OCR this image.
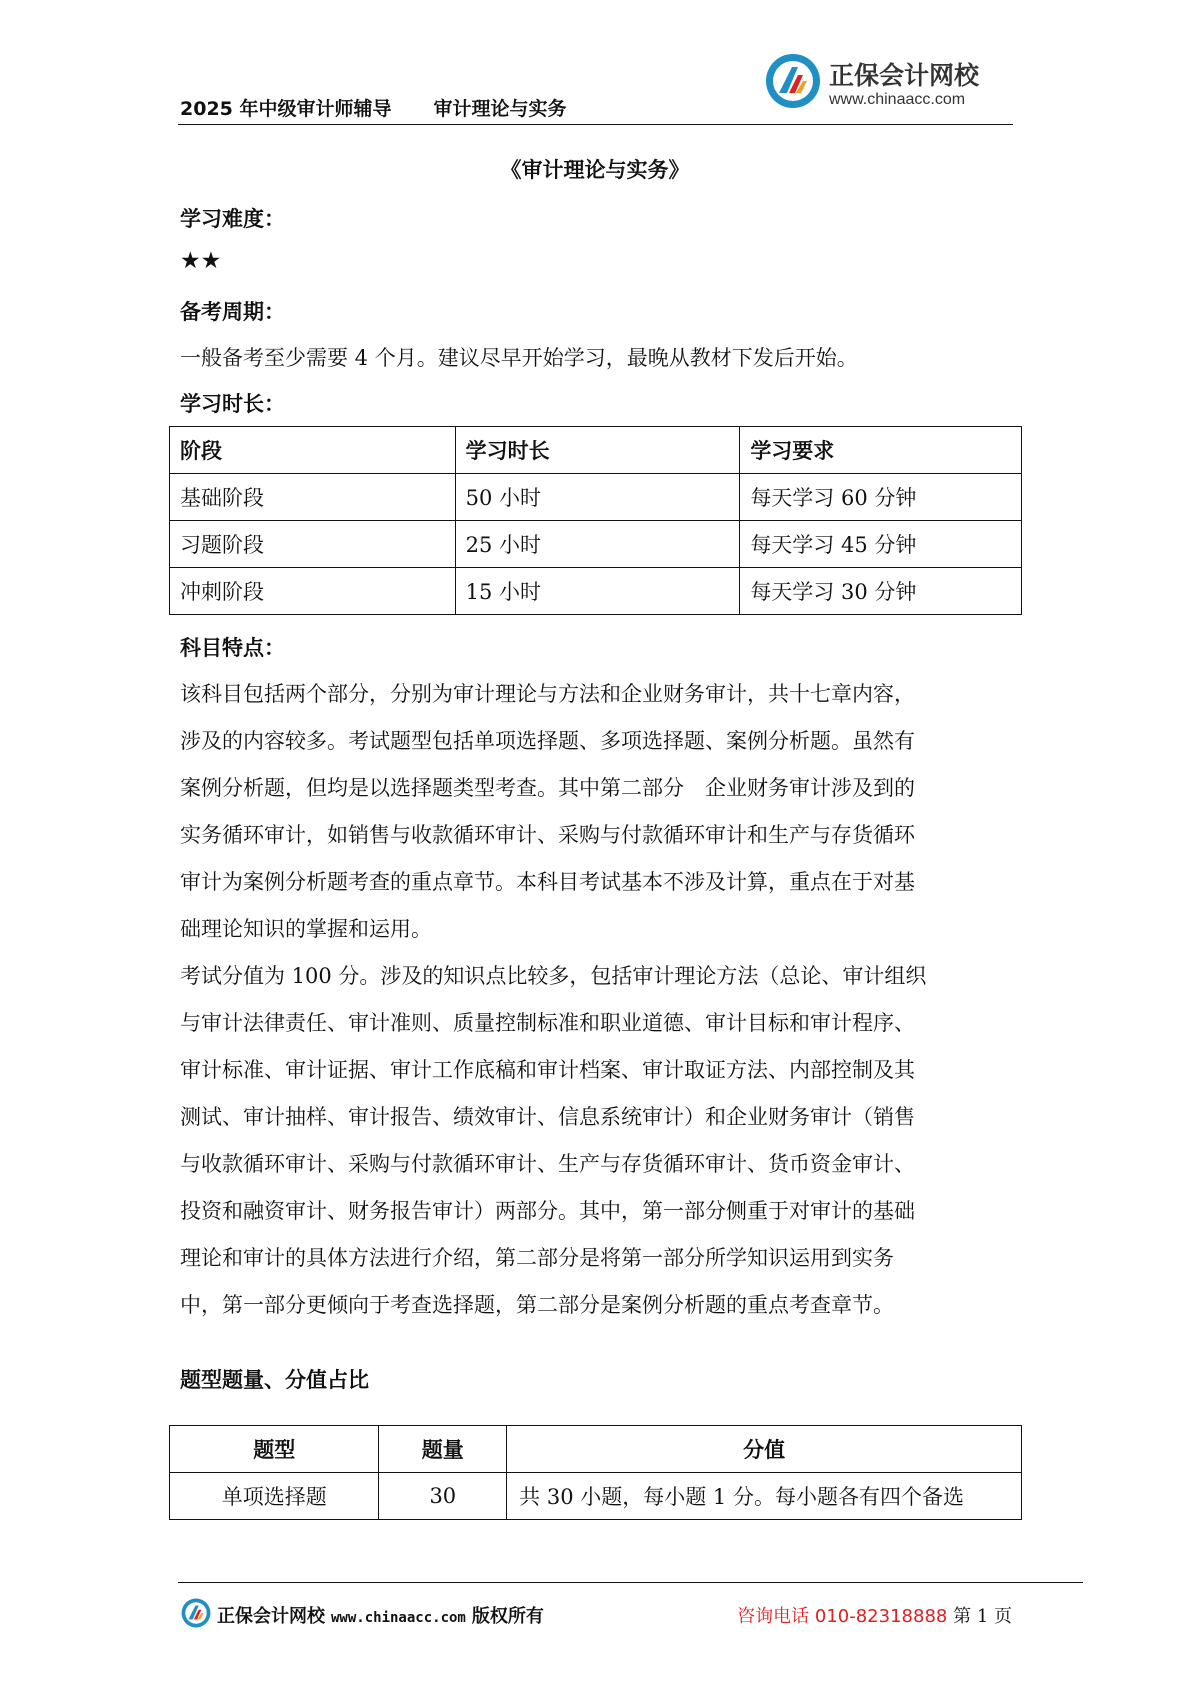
2025 年中级审计师辅导 审计理论与实务
正保会计网校
www.chinaacc.com
《审计理论与实务》
学习难度：
★★
备考周期：
一般备考至少需要 4 个月。建议尽早开始学习，最晚从教材下发后开始。
学习时长：
阶段	学习时长	学习要求
基础阶段	50 小时	每天学习 60 分钟
习题阶段	25 小时	每天学习 45 分钟
冲刺阶段	15 小时	每天学习 30 分钟
科目特点：
该科目包括两个部分，分别为审计理论与方法和企业财务审计，共十七章内容，
涉及的内容较多。考试题型包括单项选择题、多项选择题、案例分析题。虽然有
案例分析题，但均是以选择题类型考查。其中第二部分　企业财务审计涉及到的
实务循环审计，如销售与收款循环审计、采购与付款循环审计和生产与存货循环
审计为案例分析题考查的重点章节。本科目考试基本不涉及计算，重点在于对基
础理论知识的掌握和运用。
考试分值为 100 分。涉及的知识点比较多，包括审计理论方法（总论、审计组织
与审计法律责任、审计准则、质量控制标准和职业道德、审计目标和审计程序、
审计标准、审计证据、审计工作底稿和审计档案、审计取证方法、内部控制及其
测试、审计抽样、审计报告、绩效审计、信息系统审计）和企业财务审计（销售
与收款循环审计、采购与付款循环审计、生产与存货循环审计、货币资金审计、
投资和融资审计、财务报告审计）两部分。其中，第一部分侧重于对审计的基础
理论和审计的具体方法进行介绍，第二部分是将第一部分所学知识运用到实务
中，第一部分更倾向于考查选择题，第二部分是案例分析题的重点考查章节。
题型题量、分值占比
题型	题量	分值
单项选择题	30	共 30 小题，每小题 1 分。每小题各有四个备选
正保会计网校 www.chinaacc.com 版权所有	咨询电话 010-82318888 第 1 页
